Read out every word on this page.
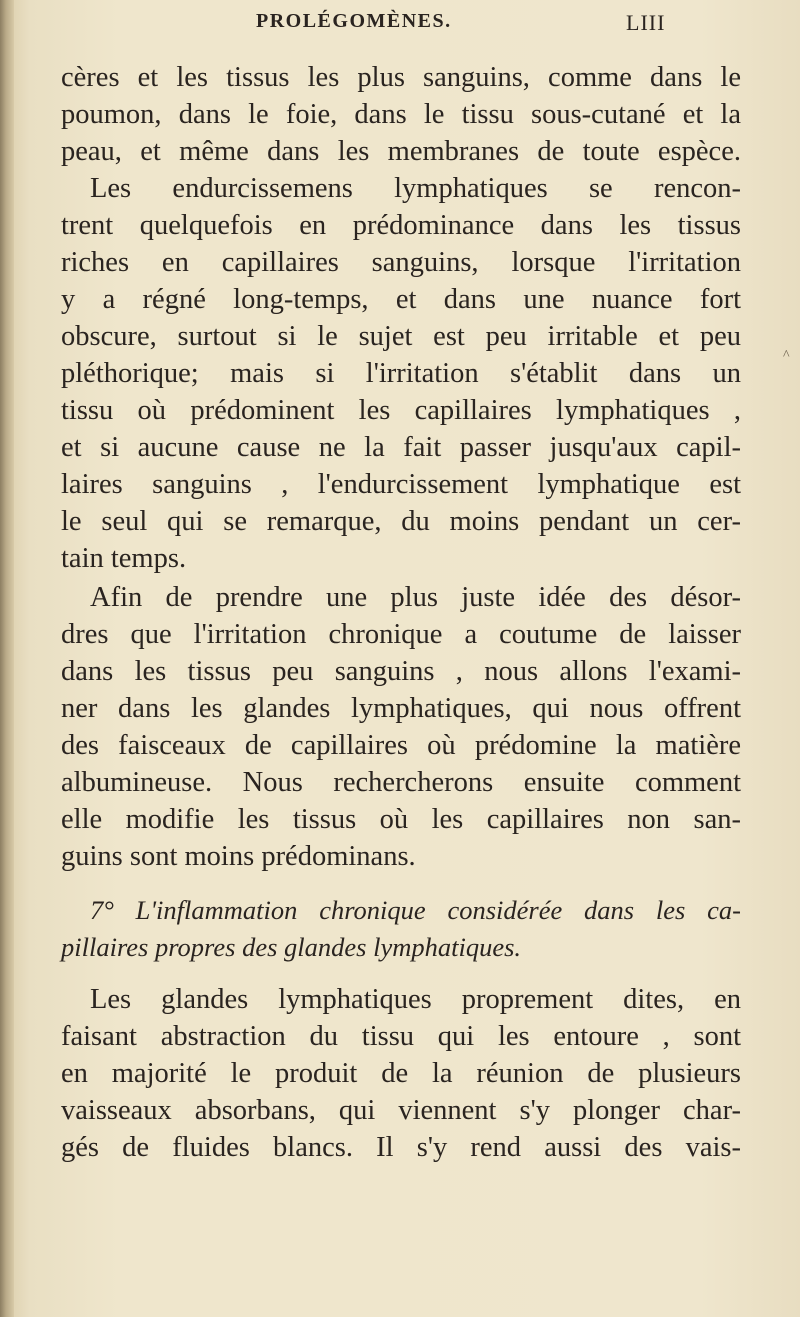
PROLÉGOMÈNES.	LIII
^
cères et les tissus les plus sanguins, comme dans le
poumon, dans le foie, dans le tissu sous-cutané et la
peau, et même dans les membranes de toute espèce.
Les endurcissemens lymphatiques se rencon-
trent quelquefois en prédominance dans les tissus
riches en capillaires sanguins, lorsque l'irritation
y a régné long-temps, et dans une nuance fort
obscure, surtout si le sujet est peu irritable et peu
pléthorique; mais si l'irritation s'établit dans un
tissu où prédominent les capillaires lymphatiques ,
et si aucune cause ne la fait passer jusqu'aux capil-
laires sanguins , l'endurcissement lymphatique est
le seul qui se remarque, du moins pendant un cer-
tain temps.
Afin de prendre une plus juste idée des désor-
dres que l'irritation chronique a coutume de laisser
dans les tissus peu sanguins , nous allons l'exami-
ner dans les glandes lymphatiques, qui nous offrent
des faisceaux de capillaires où prédomine la matière
albumineuse. Nous rechercherons ensuite comment
elle modifie les tissus où les capillaires non san-
guins sont moins prédominans.
7° L'inflammation chronique considérée dans les ca-
pillaires propres des glandes lymphatiques.
Les glandes lymphatiques proprement dites, en
faisant abstraction du tissu qui les entoure , sont
en majorité le produit de la réunion de plusieurs
vaisseaux absorbans, qui viennent s'y plonger char-
gés de fluides blancs. Il s'y rend aussi des vais-
